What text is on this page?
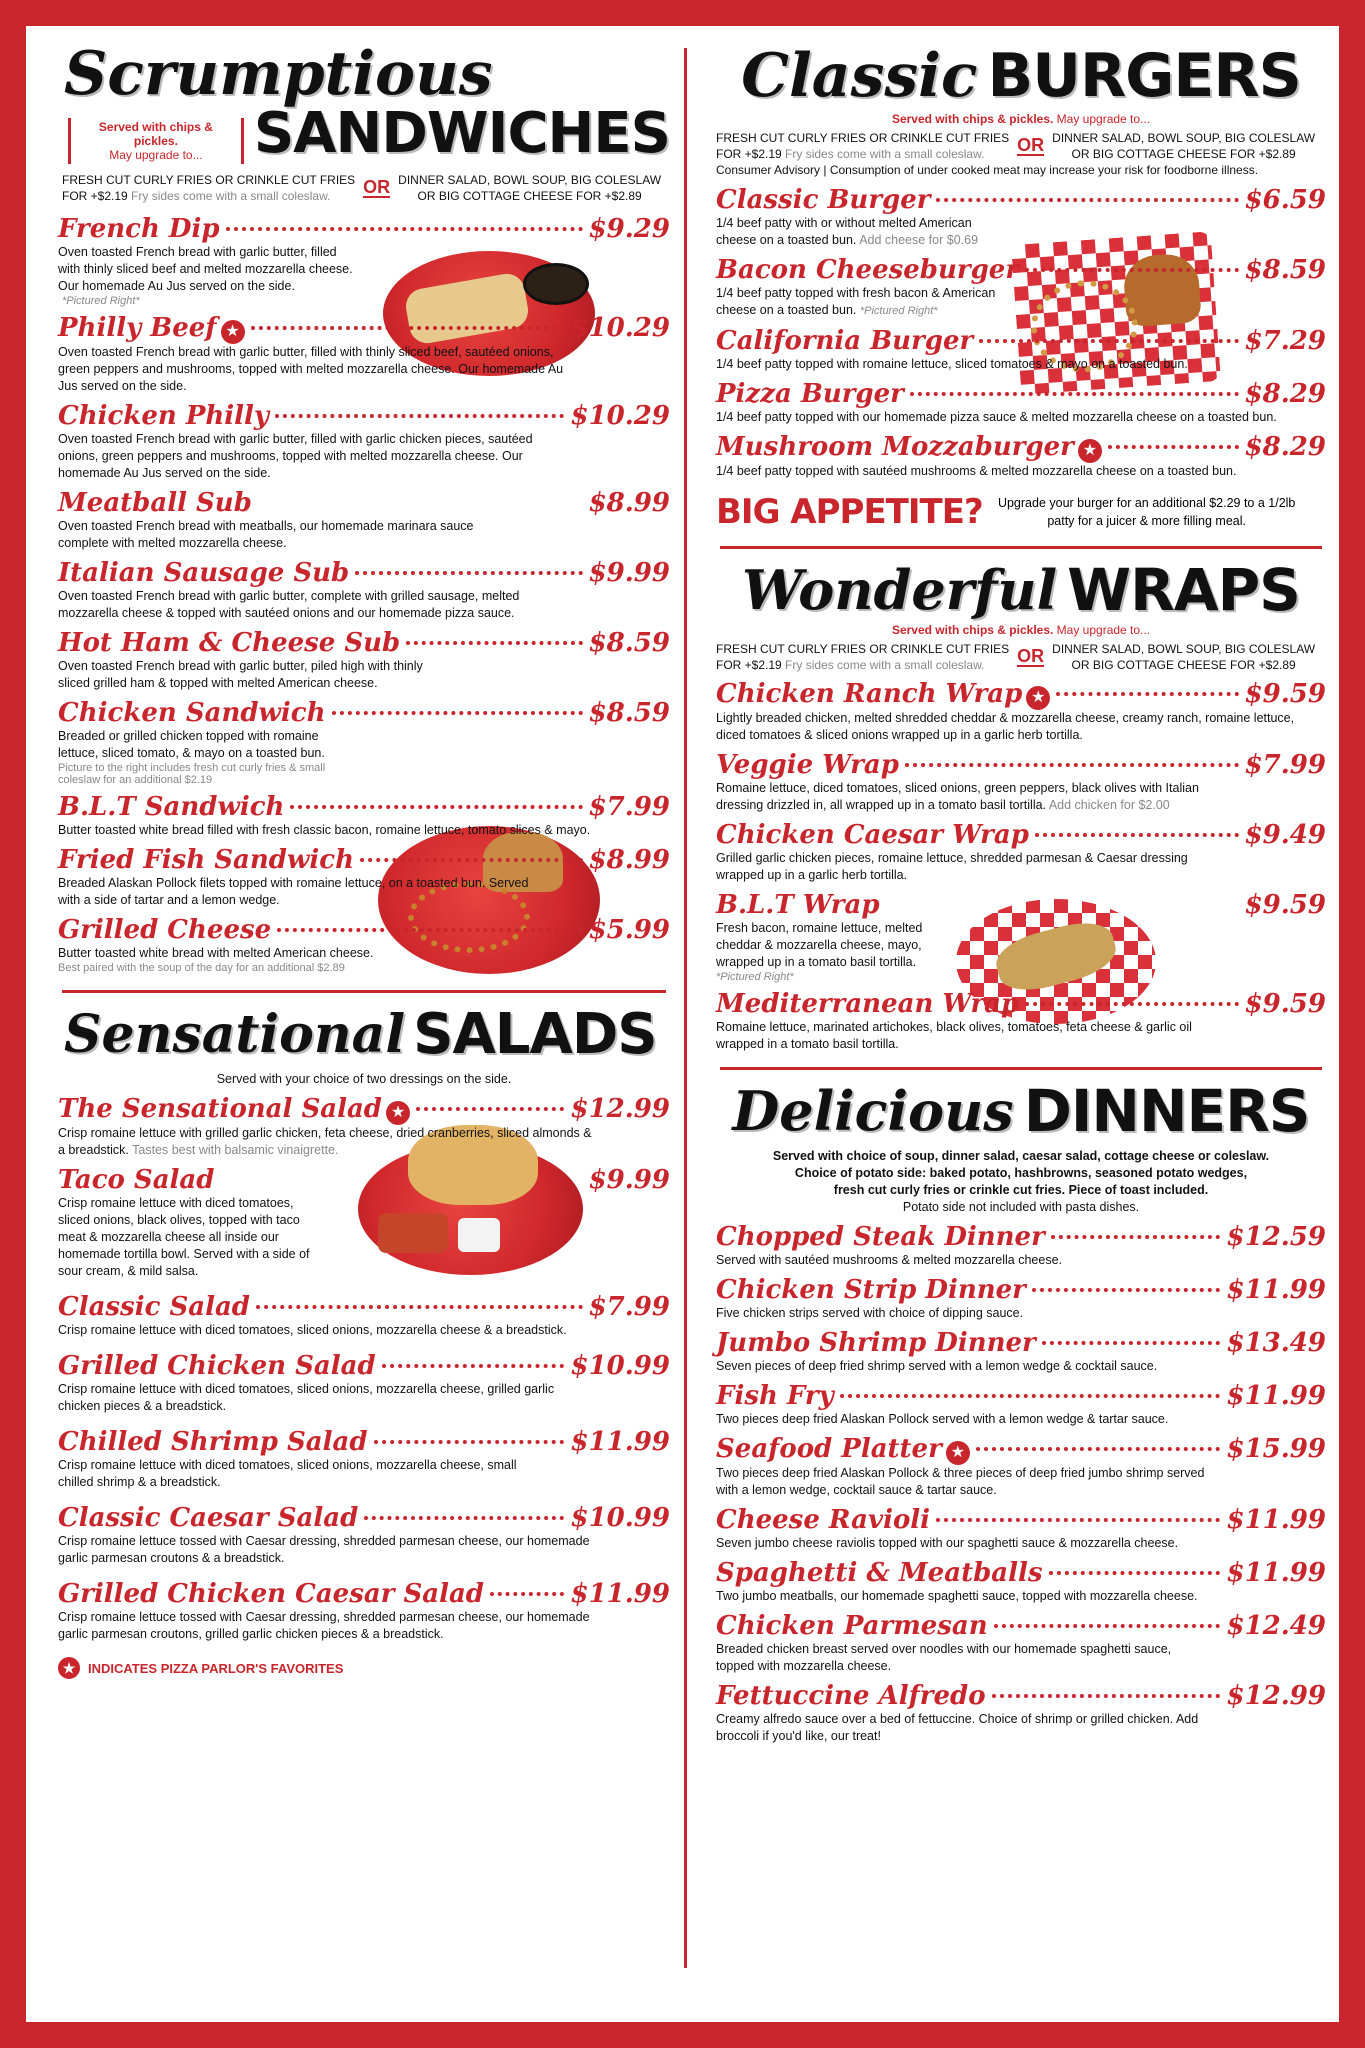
Scrumptious
Served with chips & pickles.
May upgrade to... SANDWICHES
FRESH CUT CURLY FRIES OR CRINKLE CUT FRIES
FOR +$2.19 Fry sides come with a small coleslaw.	OR DINNER SALAD, BOWL SOUP, BIG COLESLAW
OR BIG COTTAGE CHEESE FOR +$2.89
French Dip	$9.29
Oven toasted French bread with garlic butter, filled with thinly sliced beef and melted mozzarella cheese. Our homemade Au Jus served on the side.
*Pictured Right*
Philly Beef ★	$10.29
Oven toasted French bread with garlic butter, filled with thinly sliced beef, sautéed onions, green peppers and mushrooms, topped with melted mozzarella cheese. Our homemade Au Jus served on the side.
Chicken Philly	$10.29
Oven toasted French bread with garlic butter, filled with garlic chicken pieces, sautéed onions, green peppers and mushrooms, topped with melted mozzarella cheese. Our homemade Au Jus served on the side.
Meatball Sub	$8.99
Oven toasted French bread with meatballs, our homemade marinara sauce complete with melted mozzarella cheese.
Italian Sausage Sub	$9.99
Oven toasted French bread with garlic butter, complete with grilled sausage, melted mozzarella cheese & topped with sautéed onions and our homemade pizza sauce.
Hot Ham & Cheese Sub	$8.59
Oven toasted French bread with garlic butter, piled high with thinly sliced grilled ham & topped with melted American cheese.
Chicken Sandwich	$8.59
Breaded or grilled chicken topped with romaine lettuce, sliced tomato, & mayo on a toasted bun.
Picture to the right includes fresh cut curly fries & small coleslaw for an additional $2.19
B.L.T Sandwich	$7.99
Butter toasted white bread filled with fresh classic bacon, romaine lettuce, tomato slices & mayo.
Fried Fish Sandwich	$8.99
Breaded Alaskan Pollock filets topped with romaine lettuce, on a toasted bun. Served with a side of tartar and a lemon wedge.
Grilled Cheese	$5.99
Butter toasted white bread with melted American cheese.
Best paired with the soup of the day for an additional $2.89
Sensational SALADS
Served with your choice of two dressings on the side.
The Sensational Salad ★	$12.99
Crisp romaine lettuce with grilled garlic chicken, feta cheese, dried cranberries, sliced almonds & a breadstick. Tastes best with balsamic vinaigrette.
Taco Salad	$9.99
Crisp romaine lettuce with diced tomatoes, sliced onions, black olives, topped with taco meat & mozzarella cheese all inside our homemade tortilla bowl. Served with a side of sour cream, & mild salsa.
Classic Salad	$7.99
Crisp romaine lettuce with diced tomatoes, sliced onions, mozzarella cheese & a breadstick.
Grilled Chicken Salad	$10.99
Crisp romaine lettuce with diced tomatoes, sliced onions, mozzarella cheese, grilled garlic chicken pieces & a breadstick.
Chilled Shrimp Salad	$11.99
Crisp romaine lettuce with diced tomatoes, sliced onions, mozzarella cheese, small chilled shrimp & a breadstick.
Classic Caesar Salad	$10.99
Crisp romaine lettuce tossed with Caesar dressing, shredded parmesan cheese, our homemade garlic parmesan croutons & a breadstick.
Grilled Chicken Caesar Salad	$11.99
Crisp romaine lettuce tossed with Caesar dressing, shredded parmesan cheese, our homemade garlic parmesan croutons, grilled garlic chicken pieces & a breadstick.
★ INDICATES PIZZA PARLOR'S FAVORITES
Classic BURGERS
Served with chips & pickles. May upgrade to...
FRESH CUT CURLY FRIES OR CRINKLE CUT FRIES
FOR +$2.19 Fry sides come with a small coleslaw.	OR DINNER SALAD, BOWL SOUP, BIG COLESLAW
OR BIG COTTAGE CHEESE FOR +$2.89
Consumer Advisory | Consumption of under cooked meat may increase your risk for foodborne illness.
Classic Burger	$6.59
1/4 beef patty with or without melted American cheese on a toasted bun. Add cheese for $0.69
Bacon Cheeseburger	$8.59
1/4 beef patty topped with fresh bacon & American cheese on a toasted bun. *Pictured Right*
California Burger	$7.29
1/4 beef patty topped with romaine lettuce, sliced tomatoes & mayo on a toasted bun.
Pizza Burger	$8.29
1/4 beef patty topped with our homemade pizza sauce & melted mozzarella cheese on a toasted bun.
Mushroom Mozzaburger ★	$8.29
1/4 beef patty topped with sautéed mushrooms & melted mozzarella cheese on a toasted bun.
BIG APPETITE? Upgrade your burger for an additional $2.29 to a 1/2lb patty for a juicer & more filling meal.
Wonderful WRAPS
Served with chips & pickles. May upgrade to...
FRESH CUT CURLY FRIES OR CRINKLE CUT FRIES
FOR +$2.19 Fry sides come with a small coleslaw.	OR DINNER SALAD, BOWL SOUP, BIG COLESLAW
OR BIG COTTAGE CHEESE FOR +$2.89
Chicken Ranch Wrap ★	$9.59
Lightly breaded chicken, melted shredded cheddar & mozzarella cheese, creamy ranch, romaine lettuce, diced tomatoes & sliced onions wrapped up in a garlic herb tortilla.
Veggie Wrap	$7.99
Romaine lettuce, diced tomatoes, sliced onions, green peppers, black olives with Italian dressing drizzled in, all wrapped up in a tomato basil tortilla. Add chicken for $2.00
Chicken Caesar Wrap	$9.49
Grilled garlic chicken pieces, romaine lettuce, shredded parmesan & Caesar dressing wrapped up in a garlic herb tortilla.
B.L.T Wrap	$9.59
Fresh bacon, romaine lettuce, melted cheddar & mozzarella cheese, mayo, wrapped up in a tomato basil tortilla.
*Pictured Right*
Mediterranean Wrap	$9.59
Romaine lettuce, marinated artichokes, black olives, tomatoes, feta cheese & garlic oil wrapped in a tomato basil tortilla.
Delicious DINNERS
Served with choice of soup, dinner salad, caesar salad, cottage cheese or coleslaw.
Choice of potato side: baked potato, hashbrowns, seasoned potato wedges,
fresh cut curly fries or crinkle cut fries. Piece of toast included.
Potato side not included with pasta dishes.
Chopped Steak Dinner	$12.59
Served with sautéed mushrooms & melted mozzarella cheese.
Chicken Strip Dinner	$11.99
Five chicken strips served with choice of dipping sauce.
Jumbo Shrimp Dinner	$13.49
Seven pieces of deep fried shrimp served with a lemon wedge & cocktail sauce.
Fish Fry	$11.99
Two pieces deep fried Alaskan Pollock served with a lemon wedge & tartar sauce.
Seafood Platter ★	$15.99
Two pieces deep fried Alaskan Pollock & three pieces of deep fried jumbo shrimp served with a lemon wedge, cocktail sauce & tartar sauce.
Cheese Ravioli	$11.99
Seven jumbo cheese raviolis topped with our spaghetti sauce & mozzarella cheese.
Spaghetti & Meatballs	$11.99
Two jumbo meatballs, our homemade spaghetti sauce, topped with mozzarella cheese.
Chicken Parmesan	$12.49
Breaded chicken breast served over noodles with our homemade spaghetti sauce, topped with mozzarella cheese.
Fettuccine Alfredo	$12.99
Creamy alfredo sauce over a bed of fettuccine. Choice of shrimp or grilled chicken. Add broccoli if you'd like, our treat!
